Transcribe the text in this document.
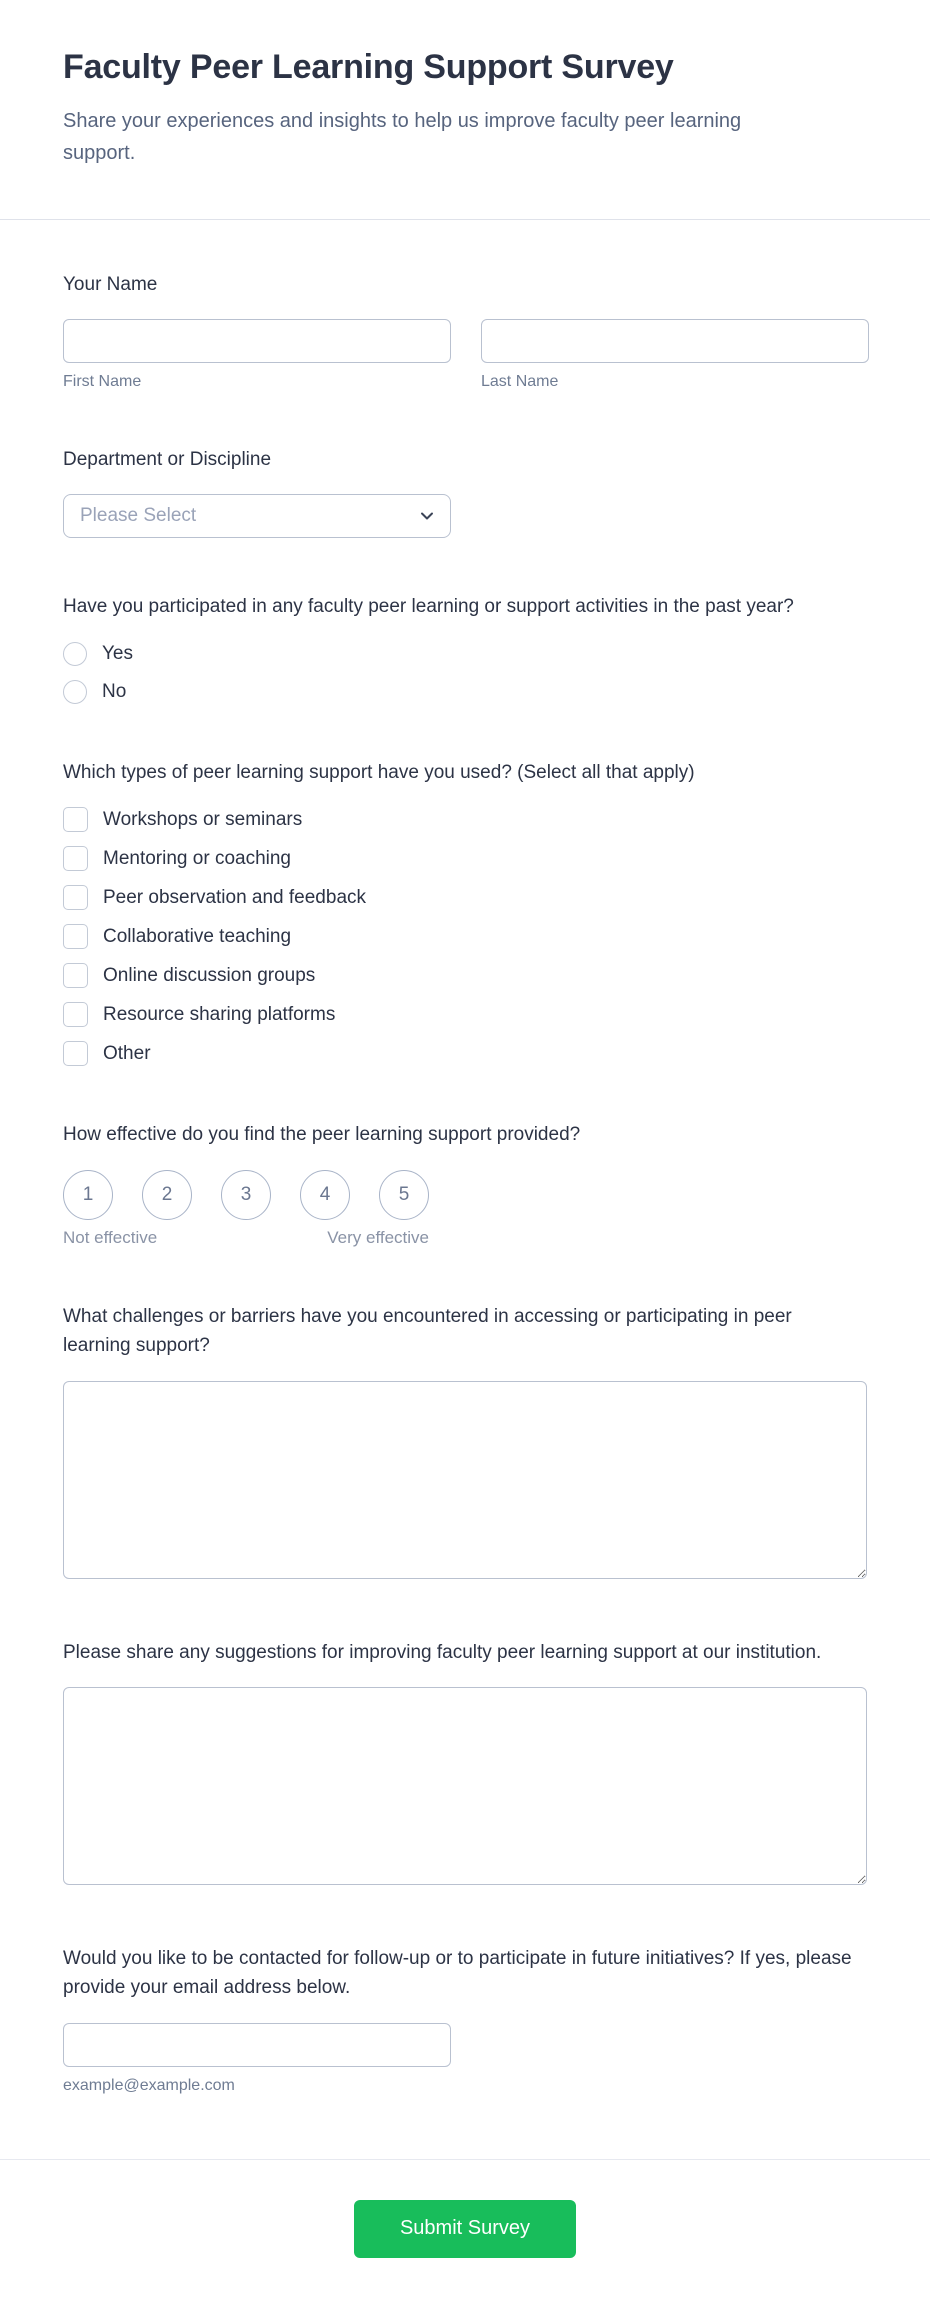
Faculty Peer Learning Support Survey

Share your experiences and insights to help us improve faculty peer learning support.

Your Name
First Name	Last Name
Department or Discipline
Please Select
Have you participated in any faculty peer learning or support activities in the past year?
Yes
No
Which types of peer learning support have you used? (Select all that apply)
Workshops or seminars
Mentoring or coaching
Peer observation and feedback
Collaborative teaching
Online discussion groups
Resource sharing platforms
Other
How effective do you find the peer learning support provided?
1	2	3	4	5
Not effective	Very effective
What challenges or barriers have you encountered in accessing or participating in peer learning support?
Please share any suggestions for improving faculty peer learning support at our institution.
Would you like to be contacted for follow-up or to participate in future initiatives? If yes, please provide your email address below.
example@example.com
Submit Survey
